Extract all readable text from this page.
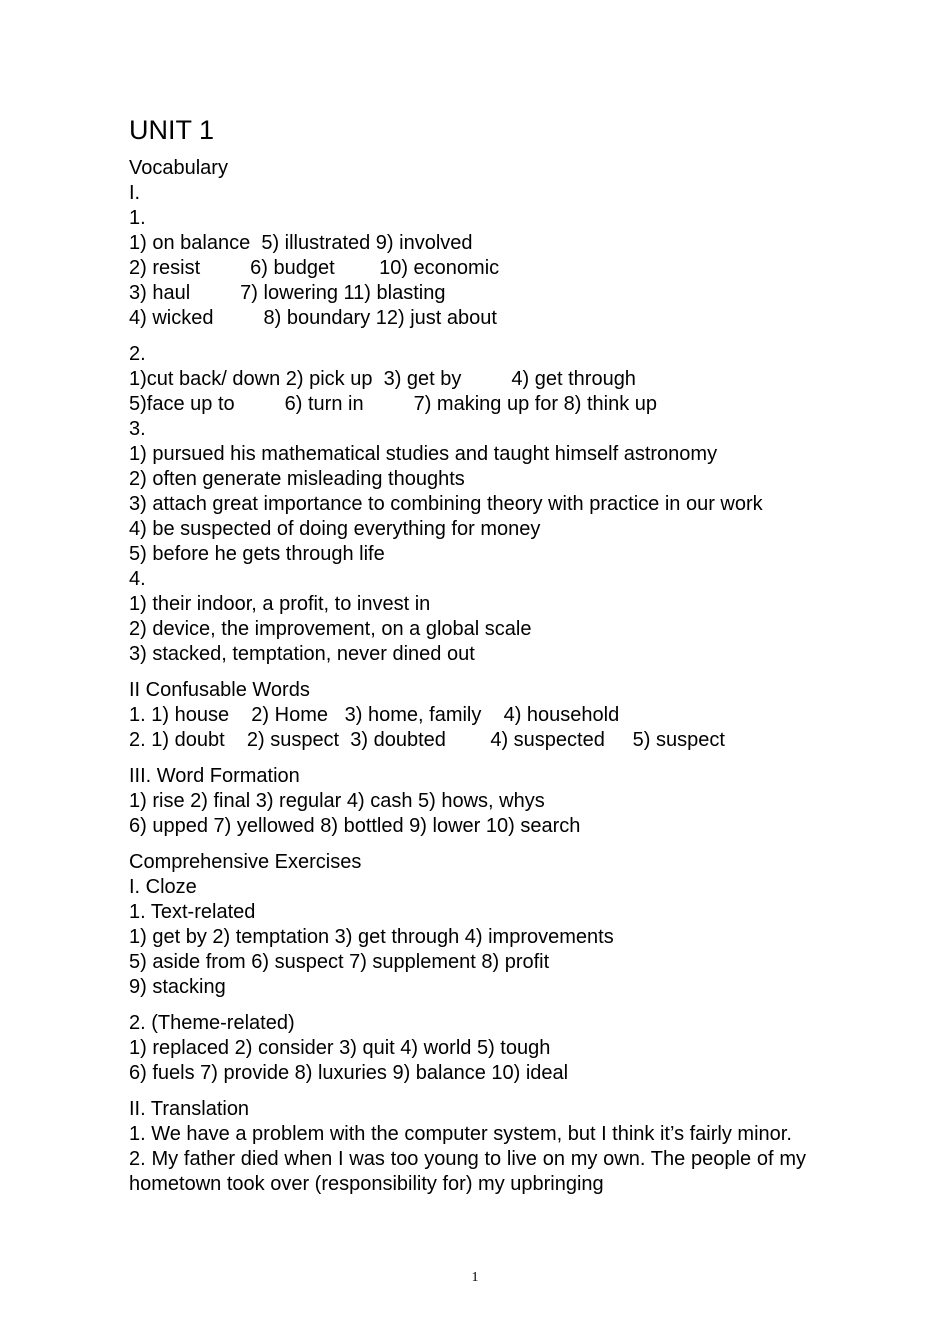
UNIT 1
Vocabulary
I.
1.
1) on balance  5) illustrated 9) involved
2) resist         6) budget        10) economic
3) haul         7) lowering 11) blasting
4) wicked         8) boundary 12) just about
2.
1)cut back/ down 2) pick up  3) get by         4) get through
5)face up to         6) turn in         7) making up for 8) think up
3.
1) pursued his mathematical studies and taught himself astronomy
2) often generate misleading thoughts
3) attach great importance to combining theory with practice in our work
4) be suspected of doing everything for money
5) before he gets through life
4.
1) their indoor, a profit, to invest in
2) device, the improvement, on a global scale
3) stacked, temptation, never dined out
II Confusable Words
1. 1) house    2) Home   3) home, family    4) household
2. 1) doubt    2) suspect  3) doubted        4) suspected     5) suspect
III. Word Formation
1) rise 2) final 3) regular 4) cash 5) hows, whys
6) upped 7) yellowed 8) bottled 9) lower 10) search
Comprehensive Exercises
I. Cloze
1. Text-related
1) get by 2) temptation 3) get through 4) improvements
5) aside from 6) suspect 7) supplement 8) profit
9) stacking
2. (Theme-related)
1) replaced 2) consider 3) quit 4) world 5) tough
6) fuels 7) provide 8) luxuries 9) balance 10) ideal
II. Translation
1. We have a problem with the computer system, but I think it’s fairly minor.
2. My father died when I was too young to live on my own. The people of my hometown took over (responsibility for) my upbringing
1
